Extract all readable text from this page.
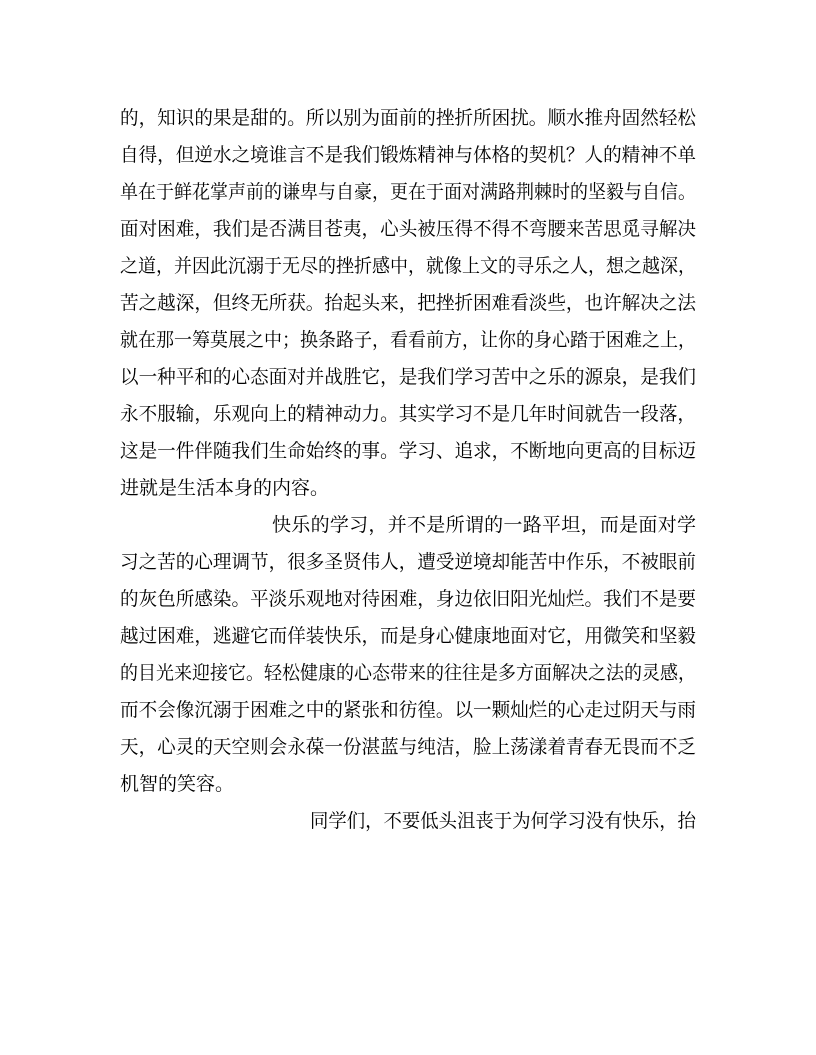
的，知识的果是甜的。所以别为面前的挫折所困扰。顺水推舟固然轻松
自得，但逆水之境谁言不是我们锻炼精神与体格的契机？人的精神不单
单在于鲜花掌声前的谦卑与自豪，更在于面对满路荆棘时的坚毅与自信。
面对困难，我们是否满目苍夷，心头被压得不得不弯腰来苦思觅寻解决
之道，并因此沉溺于无尽的挫折感中，就像上文的寻乐之人，想之越深，
苦之越深，但终无所获。抬起头来，把挫折困难看淡些，也许解决之法
就在那一筹莫展之中；换条路子，看看前方，让你的身心踏于困难之上，
以一种平和的心态面对并战胜它，是我们学习苦中之乐的源泉，是我们
永不服输，乐观向上的精神动力。其实学习不是几年时间就告一段落，
这是一件伴随我们生命始终的事。学习、追求，不断地向更高的目标迈
进就是生活本身的内容。
快乐的学习，并不是所谓的一路平坦，而是面对学
习之苦的心理调节，很多圣贤伟人，遭受逆境却能苦中作乐，不被眼前
的灰色所感染。平淡乐观地对待困难，身边依旧阳光灿烂。我们不是要
越过困难，逃避它而佯装快乐，而是身心健康地面对它，用微笑和坚毅
的目光来迎接它。轻松健康的心态带来的往往是多方面解决之法的灵感，
而不会像沉溺于困难之中的紧张和彷徨。以一颗灿烂的心走过阴天与雨
天，心灵的天空则会永葆一份湛蓝与纯洁，脸上荡漾着青春无畏而不乏
机智的笑容。
同学们，不要低头沮丧于为何学习没有快乐，抬
